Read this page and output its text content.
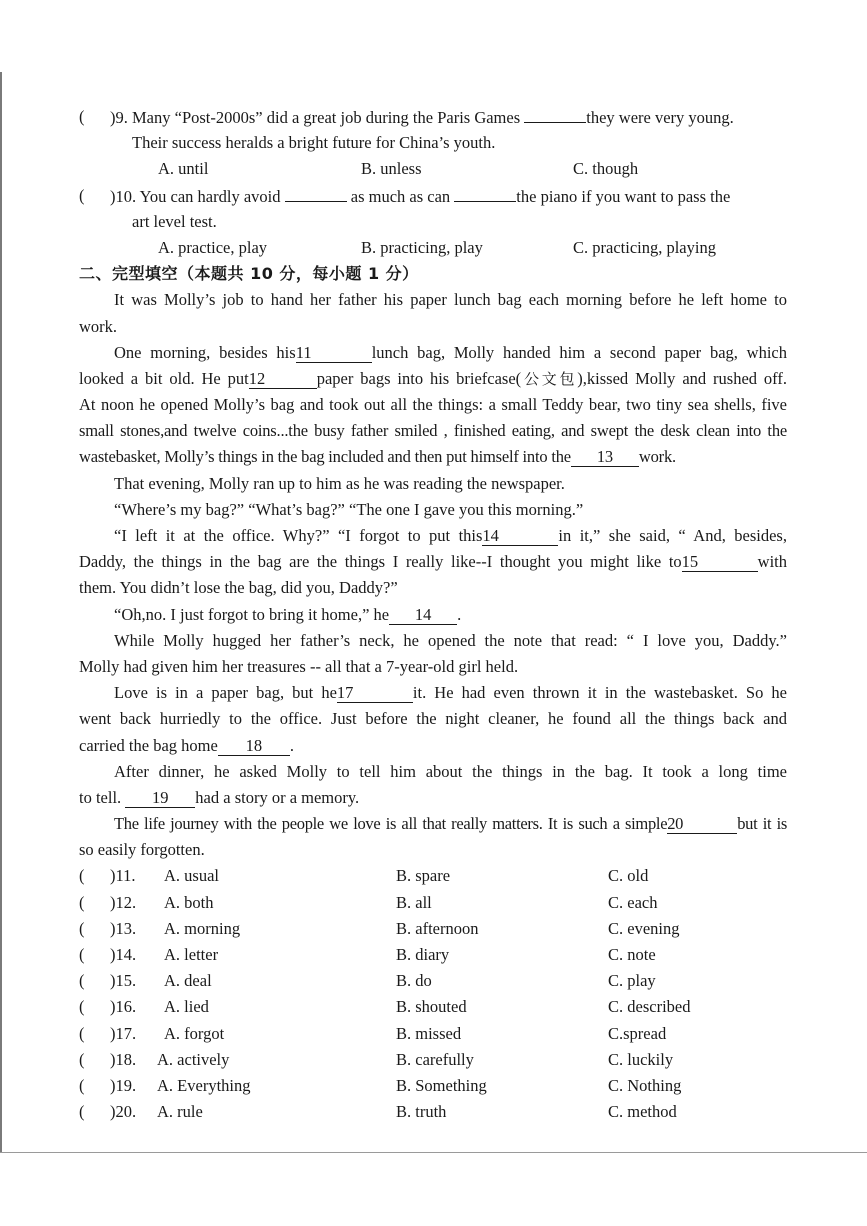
( )9. Many “Post-2000s” did a great job during the Paris Games	they were very young.
Their success heralds a bright future for China’s youth.
A. until	B. unless	C. though
( )10. You can hardly avoid	as much as can	the piano if you want to pass the
art level test.
A. practice, play	B. practicing, play	C. practicing, playing
二、完型填空（本题共 10 分，每小题 1 分）
It was Molly’s job to hand her father his paper lunch bag each morning before he left home to
work.
One morning, besides his11	lunch bag, Molly handed him a second paper bag, which
looked a bit old. He put12	paper bags into his briefcase(公文包),kissed Molly and rushed off.
At noon he opened Molly’s bag and took out all the things: a small Teddy bear, two tiny sea shells, five
small stones,and twelve coins...the busy father smiled , finished eating, and swept the desk clean into the
wastebasket, Molly’s things in the bag included and then put himself into the 13 work.
That evening, Molly ran up to him as he was reading the newspaper.
“Where’s my bag?” “What’s bag?” “The one I gave you this morning.”
“I left it at the office. Why?” “I forgot to put this14	in it,” she said, “ And, besides,
Daddy, the things in the bag are the things I really like--I thought you might like to15	with
them. You didn’t lose the bag, did you, Daddy?”
“Oh,no. I just forgot to bring it home,” he 14 .
While Molly hugged her father’s neck, he opened the note that read: “ I love you, Daddy.”
Molly had given him her treasures -- all that a 7-year-old girl held.
Love is in a paper bag, but he17	it. He had even thrown it in the wastebasket. So he
went back hurriedly to the office. Just before the night cleaner, he found all the things back and
carried the bag home 18 .
After dinner, he asked Molly to tell him about the things in the bag. It took a long time
to tell. 19 had a story or a memory.
The life journey with the people we love is all that really matters. It is such a simple20	but it is
so easily forgotten.
( )11. A. usual	B. spare	C. old
( )12. A. both	B. all	C. each
( )13. A. morning	B. afternoon	C. evening
( )14. A. letter	B. diary	C. note
( )15. A. deal	B. do	C. play
( )16. A. lied	B. shouted	C. described
( )17. A. forgot	B. missed	C.spread
( )18. A. actively	B. carefully	C. luckily
( )19. A. Everything	B. Something	C. Nothing
( )20. A. rule	B. truth	C. method
